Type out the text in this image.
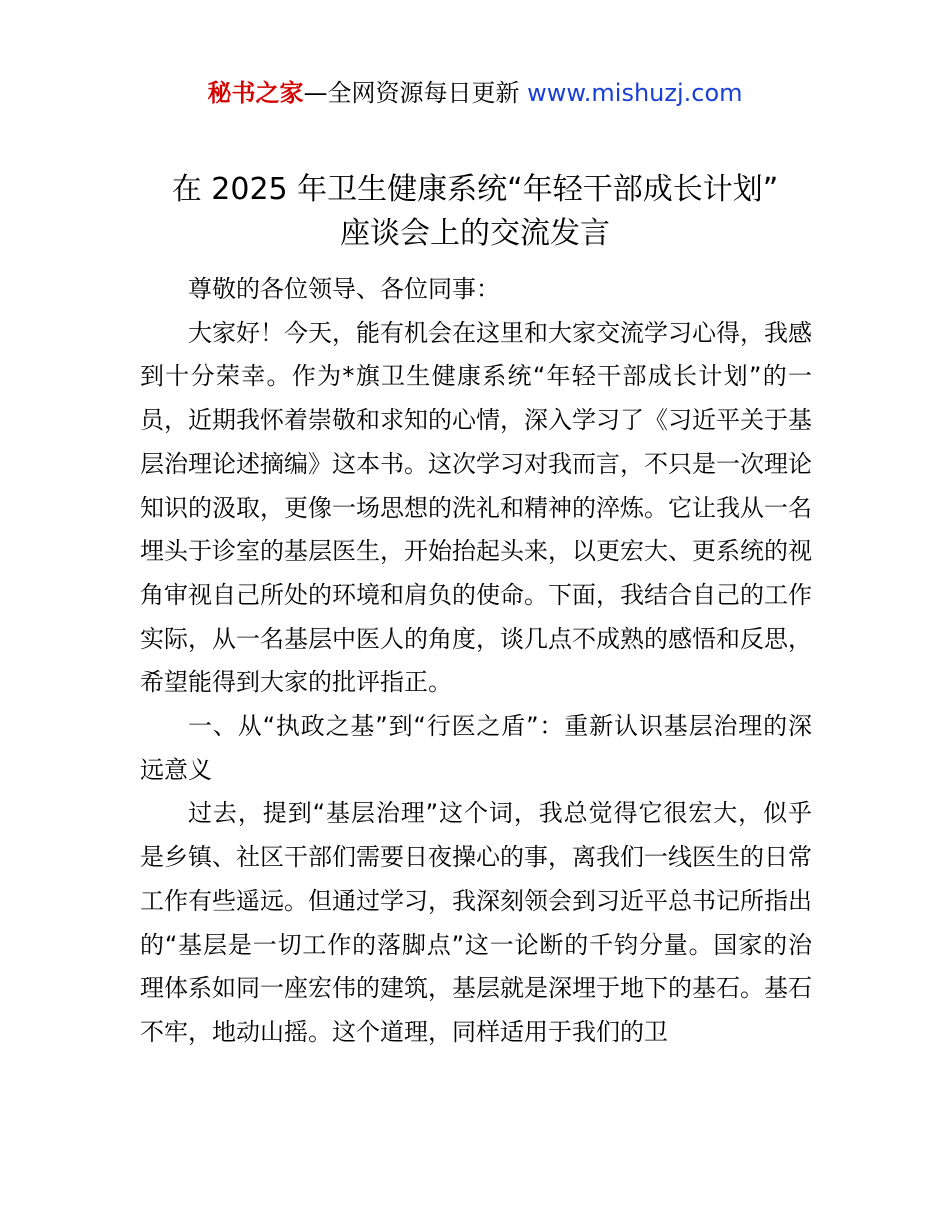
秘书之家—全网资源每日更新 www.mishuzj.com
在 2025 年卫生健康系统“年轻干部成长计划”
座谈会上的交流发言

尊敬的各位领导、各位同事：

大家好！今天，能有机会在这里和大家交流学习心得，我感到十分荣幸。作为*旗卫生健康系统“年轻干部成长计划”的一员，近期我怀着崇敬和求知的心情，深入学习了《习近平关于基层治理论述摘编》这本书。这次学习对我而言，不只是一次理论知识的汲取，更像一场思想的洗礼和精神的淬炼。它让我从一名埋头于诊室的基层医生，开始抬起头来，以更宏大、更系统的视角审视自己所处的环境和肩负的使命。下面，我结合自己的工作实际，从一名基层中医人的角度，谈几点不成熟的感悟和反思，希望能得到大家的批评指正。

一、从“执政之基”到“行医之盾”：重新认识基层治理的深远意义

过去，提到“基层治理”这个词，我总觉得它很宏大，似乎是乡镇、社区干部们需要日夜操心的事，离我们一线医生的日常工作有些遥远。但通过学习，我深刻领会到习近平总书记所指出的“基层是一切工作的落脚点”这一论断的千钧分量。国家的治理体系如同一座宏伟的建筑，基层就是深埋于地下的基石。基石不牢，地动山摇。这个道理，同样适用于我们的卫
